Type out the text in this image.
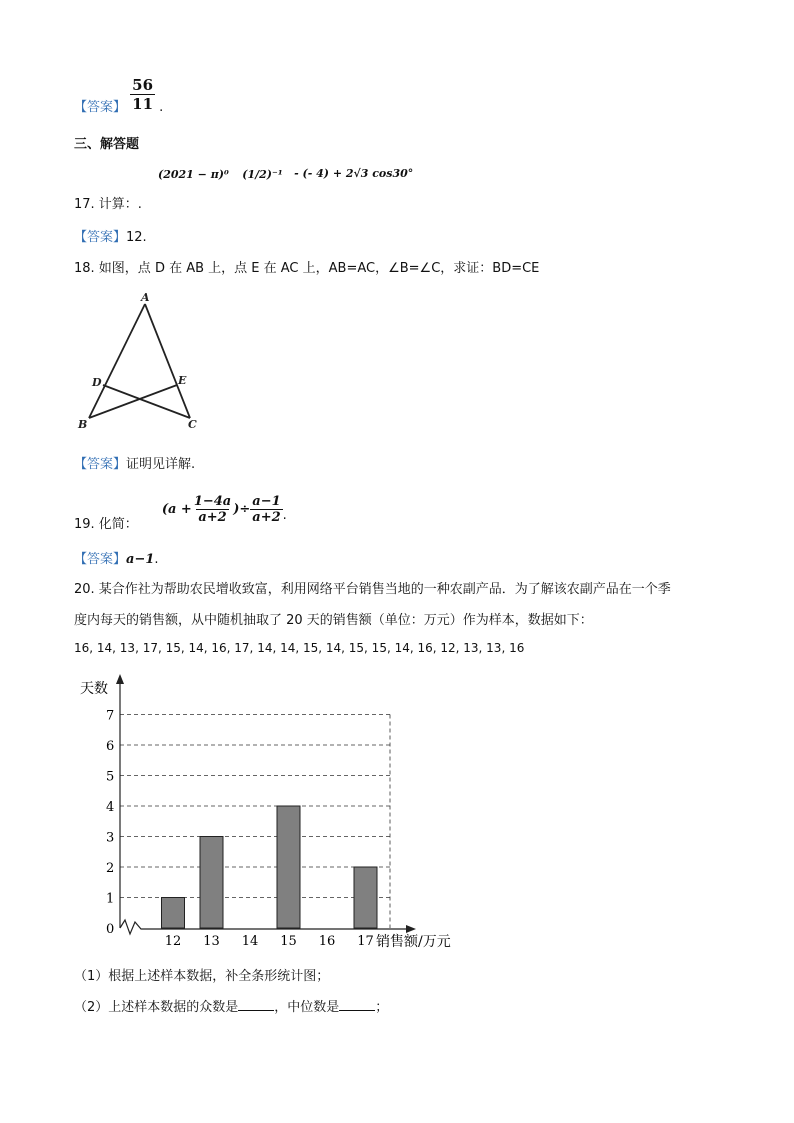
【答案】 $\frac{56}{11}$ .
三、解答题
(2021 − π)⁰
(1/2)⁻¹ - (- 4) + 2√3 cos30°
17. 计算：.
【答案】12.
18. 如图，点 D 在 AB 上，点 E 在 AC 上，AB=AC，∠B=∠C，求证：BD=CE
A
D	E
B	C
【答案】证明见详解.
19. 化简：
($a + \frac{1-4a}{a+2}$ )÷ $\frac{a-1}{a+2}$ .
【答案】a−1.
20. 某合作社为帮助农民增收致富，利用网络平台销售当地的一种农副产品．为了解该农副产品在一个季
度内每天的销售额，从中随机抽取了 20 天的销售额（单位：万元）作为样本，数据如下：
16, 14, 13, 17, 15, 14, 16, 17, 14, 14, 15, 14, 15, 15, 14, 16, 12, 13, 13, 16
天数
销售额/万元
0
1
2
3
4
5
6
7
12 13 14 15 16 17
（1）根据上述样本数据，补全条形统计图；
（2）上述样本数据的众数是	，中位数是	；
